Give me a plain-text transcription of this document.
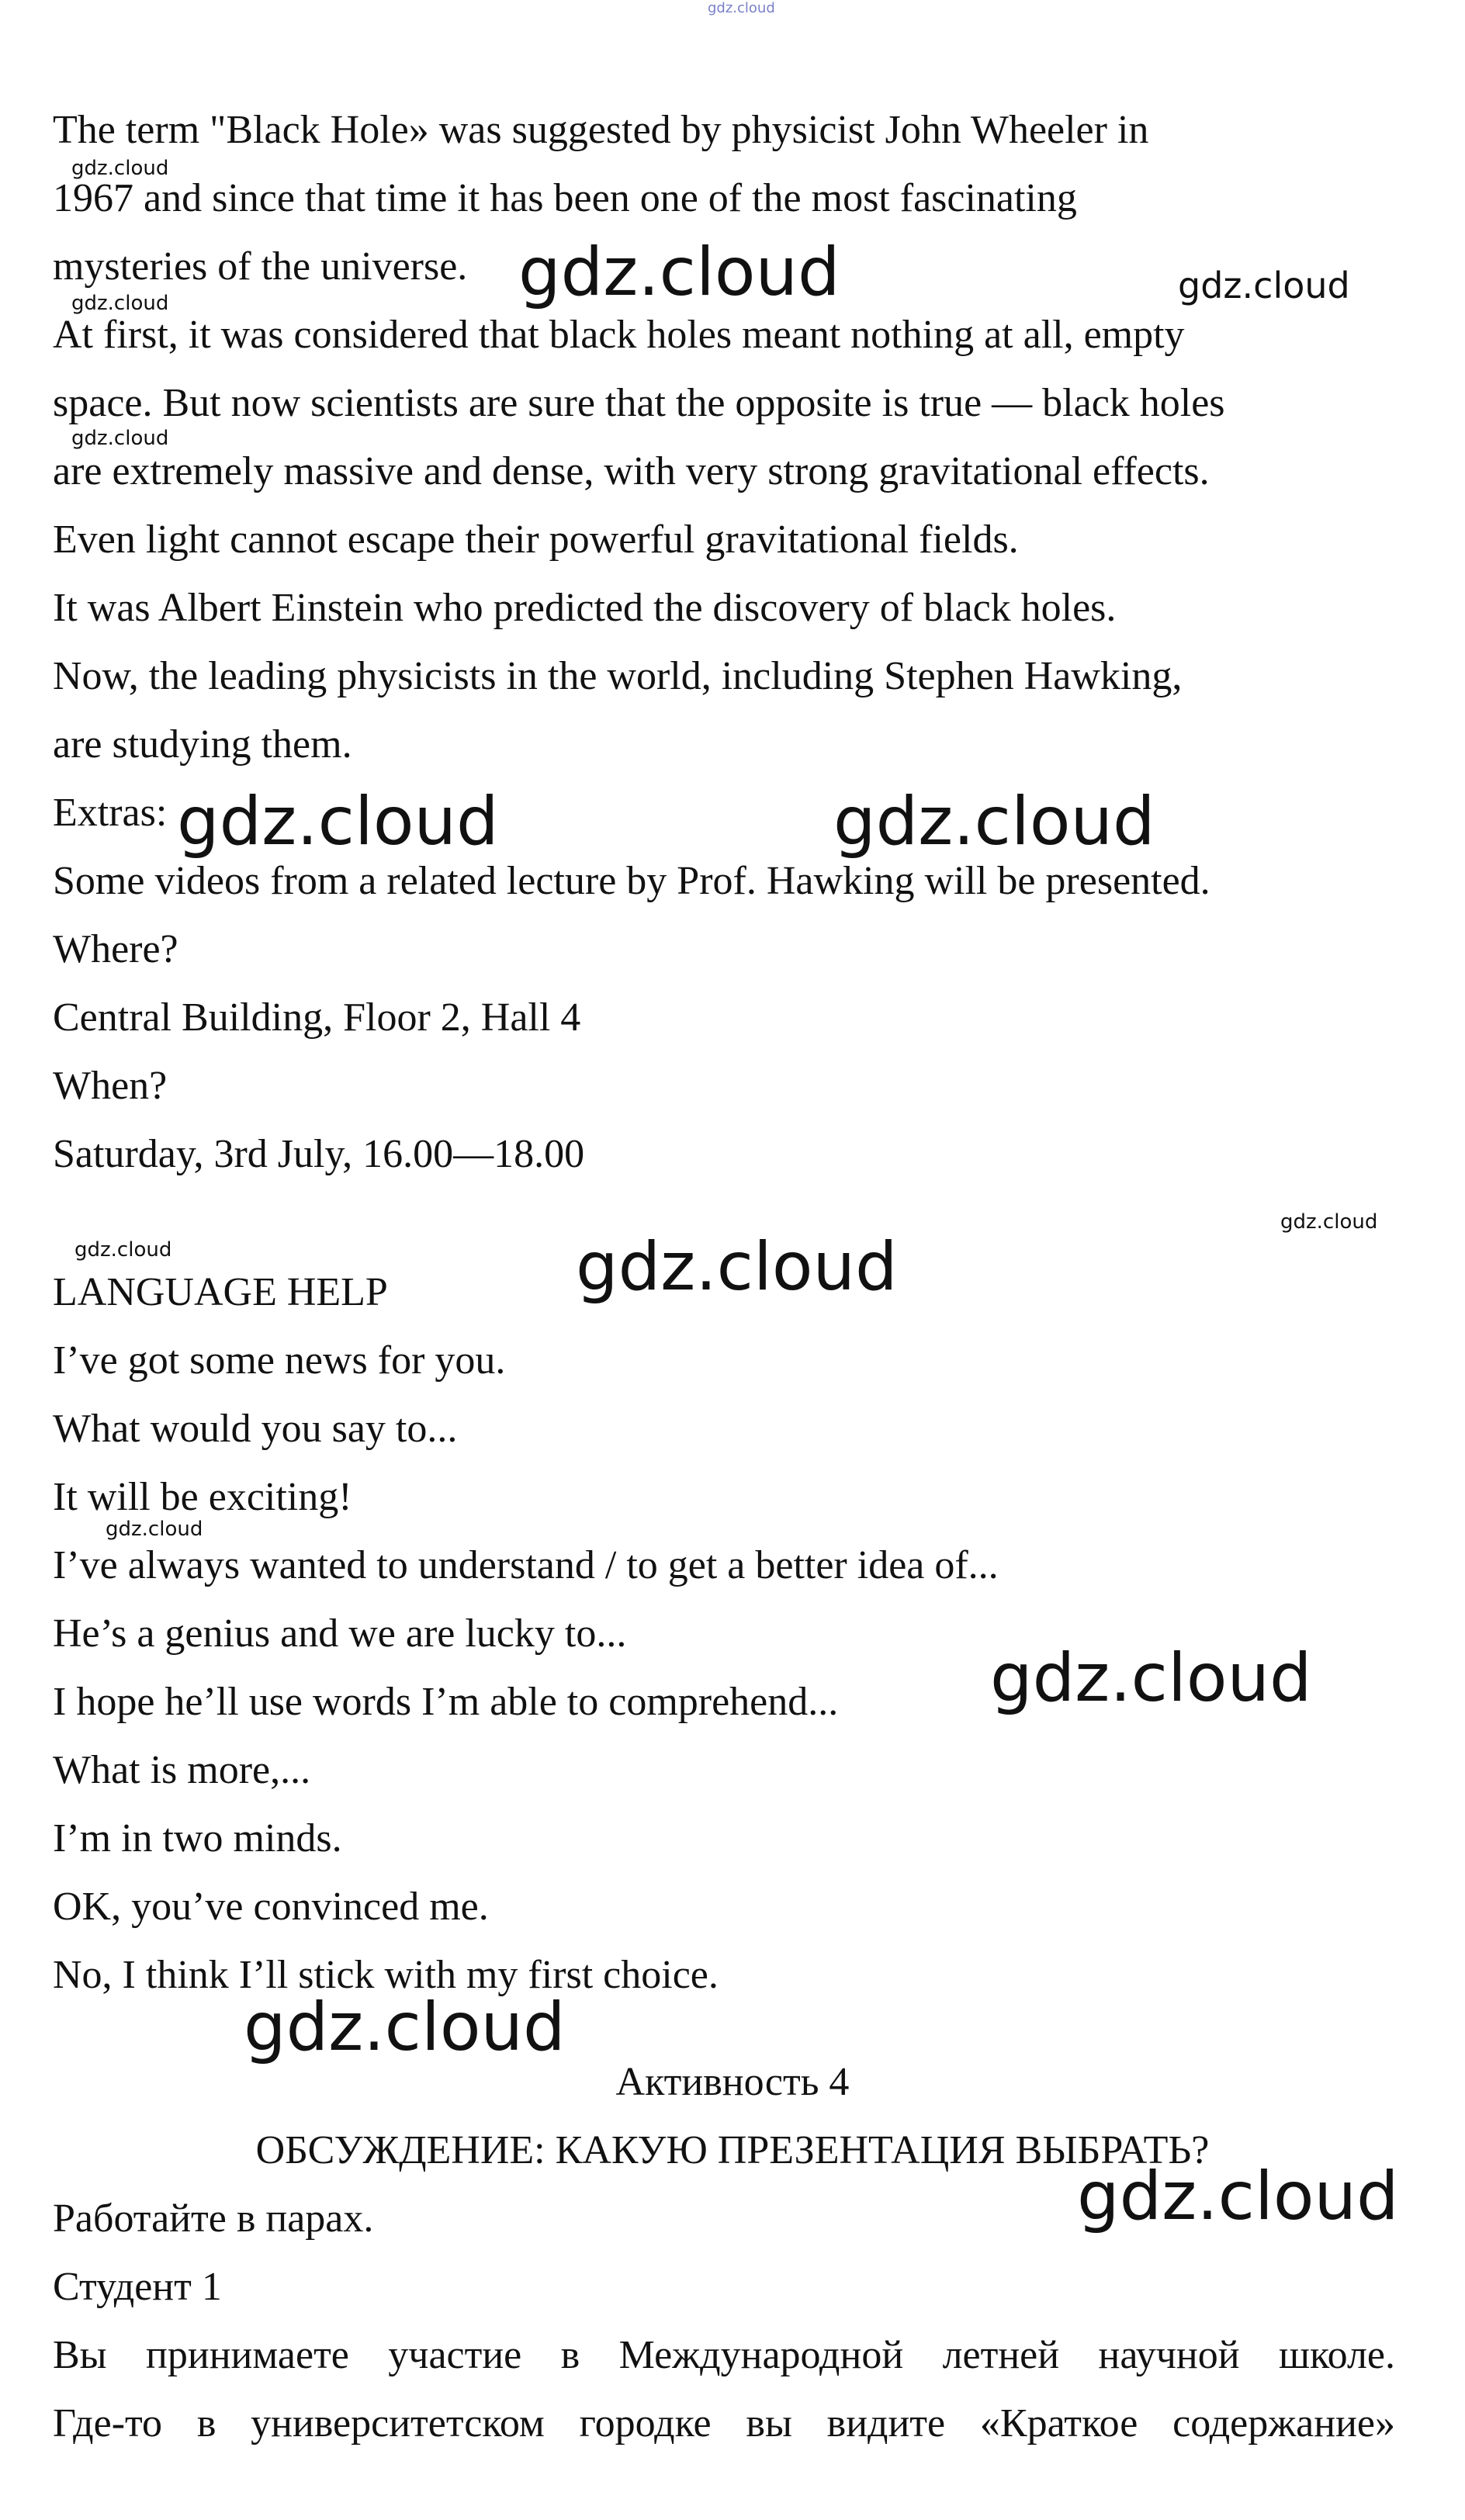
gdz.cloud
The term "Black Hole» was suggested by physicist John Wheeler in
1967 and since that time it has been one of the most fascinating
mysteries of the universe.
At first, it was considered that black holes meant nothing at all, empty
space. But now scientists are sure that the opposite is true — black holes
are extremely massive and dense, with very strong gravitational effects.
Even light cannot escape their powerful gravitational fields.
It was Albert Einstein who predicted the discovery of black holes.
Now, the leading physicists in the world, including Stephen Hawking,
are studying them.
Extras:
Some videos from a related lecture by Prof. Hawking will be presented.
Where?
Central Building, Floor 2, Hall 4
When?
Saturday, 3rd July, 16.00—18.00
LANGUAGE HELP
I’ve got some news for you.
What would you say to...
It will be exciting!
I’ve always wanted to understand / to get a better idea of...
He’s a genius and we are lucky to...
I hope he’ll use words I’m able to comprehend...
What is more,...
I’m in two minds.
OK, you’ve convinced me.
No, I think I’ll stick with my first choice.
Активность 4
ОБСУЖДЕНИЕ: КАКУЮ ПРЕЗЕНТАЦИЯ ВЫБРАТЬ?
Работайте в парах.
Студент 1
Вы принимаете участие в Международной летней научной школе.
Где-то в университетском городке вы видите «Краткое содержание»
gdz.cloud
gdz.cloud
gdz.cloud
gdz.cloud	gdz.cloud
gdz.cloud	gdz.cloud
gdz.cloud
gdz.cloud	gdz.cloud
gdz.cloud
gdz.cloud
gdz.cloud
gdz.cloud
